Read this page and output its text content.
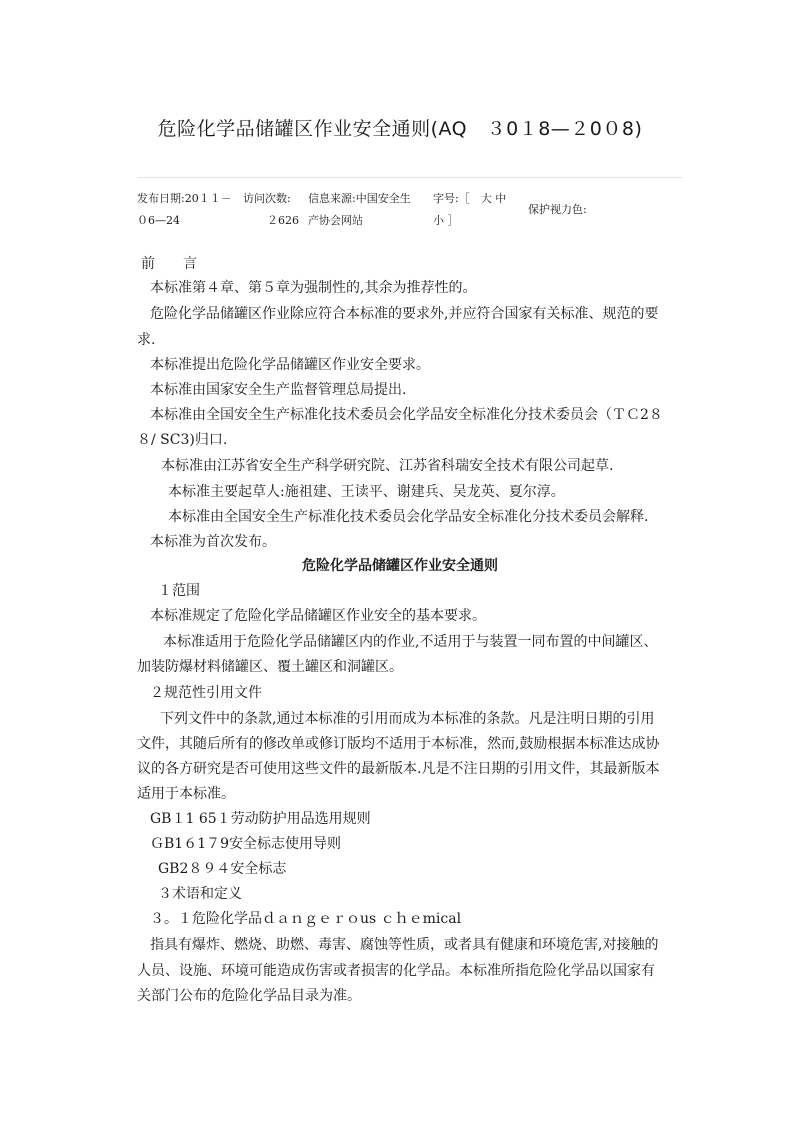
危险化学品储罐区作业安全通则(AQ　３0１8—２0０8)
发布日期:20１１－
０6—24
访问次数:
２626
信息来源:中国安全生
产协会网站
字号:［　大 中
小 ］
保护视力色:
前　　言
本标准第４章、第５章为强制性的,其余为推荐性的。
危险化学品储罐区作业除应符合本标准的要求外,并应符合国家有关标准、规范的要
求.
本标准提出危险化学品储罐区作业安全要求。
本标准由国家安全生产监督管理总局提出.
本标准由全国安全生产标准化技术委员会化学品安全标准化分技术委员会（ＴＣ2８
８/ SC3)归口.
本标准由江苏省安全生产科学研究院、江苏省科瑞安全技术有限公司起草.
本标准主要起草人:施祖建、王读平、谢建兵、吴龙英、夏尔淳。
本标准由全国安全生产标准化技术委员会化学品安全标准化分技术委员会解释.
本标准为首次发布。
危险化学品储罐区作业安全通则
１范围
本标准规定了危险化学品储罐区作业安全的基本要求。
本标准适用于危险化学品储罐区内的作业,不适用于与装置一同布置的中间罐区、
加装防爆材料储罐区、覆土罐区和洞罐区。
２规范性引用文件
下列文件中的条款,通过本标准的引用而成为本标准的条款。凡是注明日期的引用
文件，其随后所有的修改单或修订版均不适用于本标准，然而,鼓励根据本标准达成协
议的各方研究是否可使用这些文件的最新版本.凡是不注日期的引用文件，其最新版本
适用于本标准。
GB１1 65１劳动防护用品选用规则
ＧB1６1７9安全标志使用导则
GB2８９４安全标志
３术语和定义
３。１危险化学品ｄａｎｇｅｒｏus ｃｈｅmical
指具有爆炸、燃烧、助燃、毒害、腐蚀等性质，或者具有健康和环境危害,对接触的
人员、设施、环境可能造成伤害或者损害的化学品。本标准所指危险化学品以国家有
关部门公布的危险化学品目录为准。
